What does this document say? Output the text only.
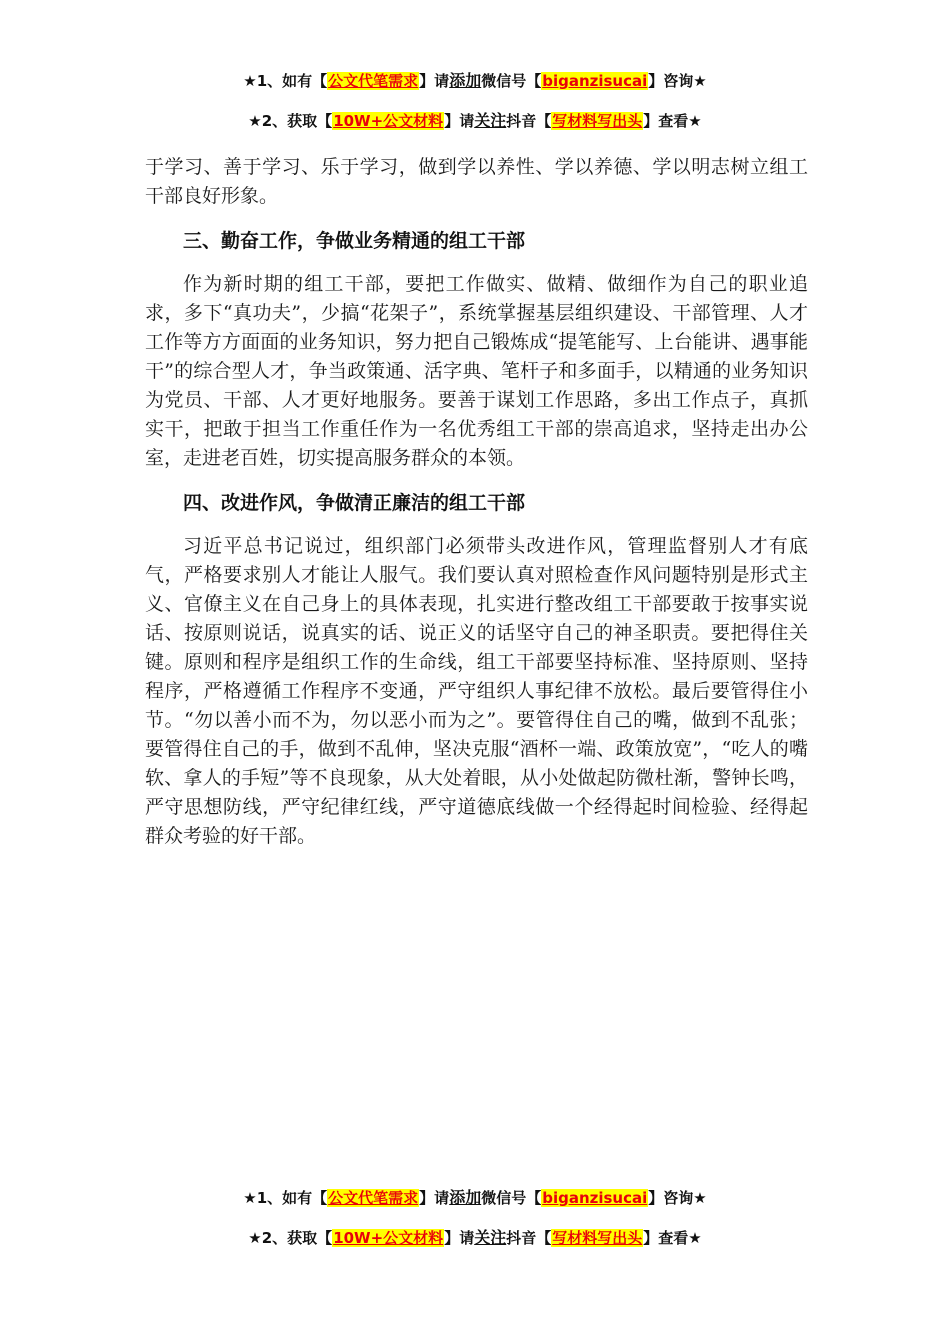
★1、如有【公文代笔需求】请添加微信号【biganzisucai】咨询★
★2、获取【10W+公文材料】请关注抖音【写材料写出头】查看★

于学习、善于学习、乐于学习，做到学以养性、学以养德、学以明志树立组工干部良好形象。

三、勤奋工作，争做业务精通的组工干部

作为新时期的组工干部，要把工作做实、做精、做细作为自己的职业追求，多下“真功夫”，少搞“花架子”，系统掌握基层组织建设、干部管理、人才工作等方方面面的业务知识，努力把自己锻炼成“提笔能写、上台能讲、遇事能干”的综合型人才，争当政策通、活字典、笔杆子和多面手，以精通的业务知识为党员、干部、人才更好地服务。要善于谋划工作思路，多出工作点子，真抓实干，把敢于担当工作重任作为一名优秀组工干部的崇高追求，坚持走出办公室，走进老百姓，切实提高服务群众的本领。

四、改进作风，争做清正廉洁的组工干部

习近平总书记说过，组织部门必须带头改进作风，管理监督别人才有底气，严格要求别人才能让人服气。我们要认真对照检查作风问题特别是形式主义、官僚主义在自己身上的具体表现，扎实进行整改组工干部要敢于按事实说话、按原则说话，说真实的话、说正义的话坚守自己的神圣职责。要把得住关键。原则和程序是组织工作的生命线，组工干部要坚持标准、坚持原则、坚持程序，严格遵循工作程序不变通，严守组织人事纪律不放松。最后要管得住小节。“勿以善小而不为，勿以恶小而为之”。要管得住自己的嘴，做到不乱张；要管得住自己的手，做到不乱伸，坚决克服“酒杯一端、政策放宽”，“吃人的嘴软、拿人的手短”等不良现象，从大处着眼，从小处做起防微杜渐，警钟长鸣，严守思想防线，严守纪律红线，严守道德底线做一个经得起时间检验、经得起群众考验的好干部。

★1、如有【公文代笔需求】请添加微信号【biganzisucai】咨询★
★2、获取【10W+公文材料】请关注抖音【写材料写出头】查看★
